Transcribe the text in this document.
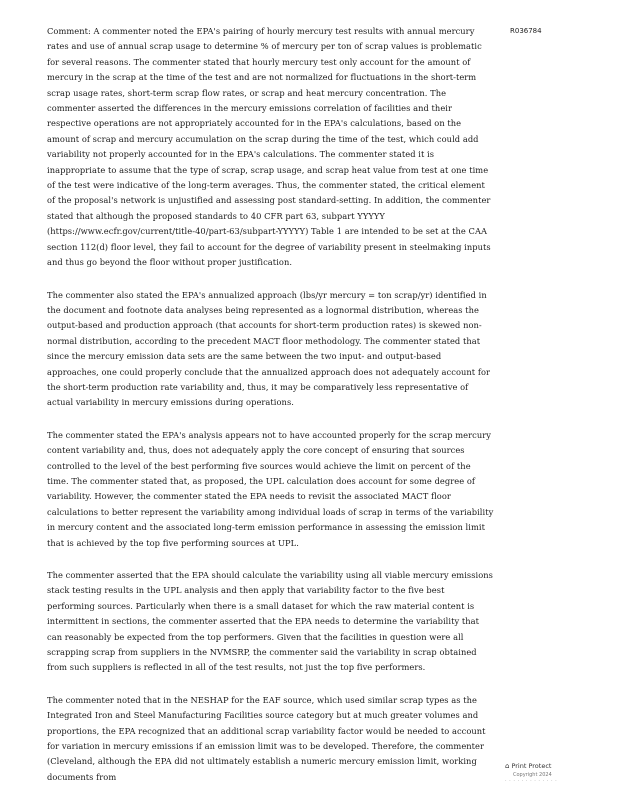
R036784

Comment: A commenter noted the EPA's pairing of hourly mercury test results with annual mercury rates and use of annual scrap usage to determine % of mercury per ton of scrap values is problematic for several reasons. The commenter stated that hourly mercury test only account for the amount of mercury in the scrap at the time of the test and are not normalized for fluctuations in the short-term scrap usage rates, short-term scrap flow rates, or scrap and heat mercury concentration. The commenter asserted the differences in the mercury emissions correlation of facilities and their respective operations are not appropriately accounted for in the EPA's calculations, based on the amount of scrap and mercury accumulation on the scrap during the time of the test, which could add variability not properly accounted for in the EPA's calculations. The commenter stated it is inappropriate to assume that the type of scrap, scrap usage, and scrap heat value from test at one time of the test were indicative of the long-term averages. Thus, the commenter stated, the critical element of the proposal's network is unjustified and assessing post standard-setting. In addition, the commenter stated that although the proposed standards to 40 CFR part 63, subpart YYYYY (https://www.ecfr.gov/current/title-40/part-63/subpart-YYYYY) Table 1 are intended to be set at the CAA section 112(d) floor level, they fail to account for the degree of variability present in steelmaking inputs and thus go beyond the floor without proper justification.

The commenter also stated the EPA's annualized approach (lbs/yr mercury = ton scrap/yr) identified in the document and footnote data analyses being represented as a lognormal distribution, whereas the output-based and production approach (that accounts for short-term production rates) is skewed non-normal distribution, according to the precedent MACT floor methodology. The commenter stated that since the mercury emission data sets are the same between the two input- and output-based approaches, one could properly conclude that the annualized approach does not adequately account for the short-term production rate variability and, thus, it may be comparatively less representative of actual variability in mercury emissions during operations.

The commenter stated the EPA's analysis appears not to have accounted properly for the scrap mercury content variability and, thus, does not adequately apply the core concept of ensuring that sources controlled to the level of the best performing five sources would achieve the limit on percent of the time. The commenter stated that, as proposed, the UPL calculation does account for some degree of variability. However, the commenter stated the EPA needs to revisit the associated MACT floor calculations to better represent the variability among individual loads of scrap in terms of the variability in mercury content and the associated long-term emission performance in assessing the emission limit that is achieved by the top five performing sources at UPL.

The commenter asserted that the EPA should calculate the variability using all viable mercury emissions stack testing results in the UPL analysis and then apply that variability factor to the five best performing sources. Particularly when there is a small dataset for which the raw material content is intermittent in sections, the commenter asserted that the EPA needs to determine the variability that can reasonably be expected from the top performers. Given that the facilities in question were all scrapping scrap from suppliers in the NVMSRP, the commenter said the variability in scrap obtained from such suppliers is reflected in all of the test results, not just the top five performers.

The commenter noted that in the NESHAP for the EAF source, which used similar scrap types as the Integrated Iron and Steel Manufacturing Facilities source category but at much greater volumes and proportions, the EPA recognized that an additional scrap variability factor would be needed to account for variation in mercury emissions if an emission limit was to be developed. Therefore, the commenter (Cleveland, although the EPA did not ultimately establish a numeric mercury emission limit, working documents from

⌂ Print Protect
Copyright 2024
· · · · · · · · · · · · ·
